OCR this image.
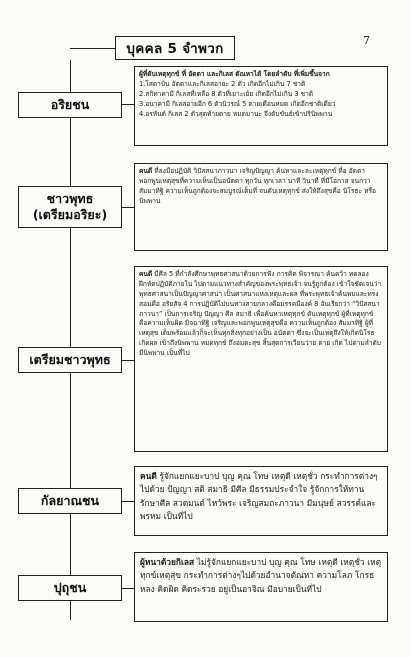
7
บุคคล 5 จำพวก
อริยชน

ผู้ที่ดับเหตุทุกข์ ที่ อัตตา และกิเลส ตัณหาได้ โดยลำดับ ที่เพิ่มขึ้นจาก

1.โสดาบัน อัตตาและกิเลสอายะ 2 ตัว เกิดอีกไม่เกิน 7 ชาติ

2.สกิทาคามี กิเลสที่เหลือ 8 ตัวที่เยาะเย้ย เกิดอีกไม่เกิน 3 ชาติ

3.อนาคามี กิเลสอายอีก 6 ตัวนิวรณ์ 5 ตายเดือนหมด เกิดอีกชาติเดียว

4.อรหันต์ กิเลส 2 ตัวสุดท้ายตาย หมดมานะ จึงดับขันธ์เข้าปรินิพพาน

ชาวพุทธ
(เตรียมอริยะ)

คนดี ที่ลงมือปฏิบัติ วิปัสสนาภาวนา เจริญปัญญา ค้นหาและละเหตุทุกข์ ที่อ อัตตา พอกพูนเหตุสุขที่ความเห็นเป็นอนัตตา ทุกวัน ทุกเวลา นาที วินาที ที่มีโอกาส จนกว่าสัมมาทิฐิ ความเห็นถูกต้องจะสมบูรณ์เต็มที่ จนดับเหตุทุกข์ ส่งให้ถึงสุขคือ นิโรธะ หรือ นิพพาน

เตรียมชาวพุทธ

คนดี มีศีล 5 ที่กำลังศึกษาพุทธศาสนาด้วยการฟัง การคิด พิจารณา ค้นคว้า ทดลองฝึกหัดปฏิบัติภายใน ไปตามแนวทางสำคัญของพระพุทธเจ้า จนรู้ถูกต้อง เข้าใจชัดเจนว่า พุทธศาสนาเป็นปัญญาศาสนา เป็นศาสนาแห่งเหตุและผล ที่พระพุทธเจ้าค้นพบและทรงสอนคือ อริยสัจ 4 การปฏิบัติไปบนทางสายกลางคือมรรคมีองค์ 8 อันเรียกว่า “วิปัสสนาภาวนา” เป็นการเจริญ ปัญญา ศีล สมาธิ เพื่อค้นหาเหตุทุกข์ ดับเหตุทุกข์ ผู้ที่เหตุทุกข์ คือความเห็นผิด มิจฉาทิฐิ เจริญและพอกพูนเหตุสุขคือ ความเห็นถูกต้อง สัมมาทิฐิ ผู้ที่เหตุสุข เต็มพร้อมแล้วก็จะเห็นทุกสิ่งทุกอย่างเป็น อนัตตา ซึ่งจะเป็นเหตุถึงให้เกิดนิโรธ เกิดผล เข้าถึงนิพพาน หมดทุกข์ ถึงอมตะสุข สิ้นสุดการเวียนว่าย ตาย เกิด ไปตามลำดับ มีนิพพาน เป็นที่ไป

กัลยาณชน

คนดี รู้จักแยกแยะบาป บุญ คุณ โทษ เหตุดี เหตุชั่ว กระทำการต่างๆไปด้วย ปัญญา สติ สมาธิ มีศีล มีธรรมประจำใจ รู้จักการให้ทาน รักษาศีล สวดมนต์ ไหว้พระ เจริญสมถะภาวนา มีมนุษย์ สวรรค์และพรหม เป็นที่ไป

ปุถุชน

ผู้หนาด้วยกิเลส ไม่รู้จักแยกแยะบาป บุญ คุณ โทษ เหตุดี เหตุชั่ว เหตุทุกข์เหตุสุข กระทำการต่างๆไปด้วยอำนาจตัณหา ความโลภ โกรธ หลง คิดผิด คิดระรวย อยู่เป็นอาจิณ มีอบายเป็นที่ไป
